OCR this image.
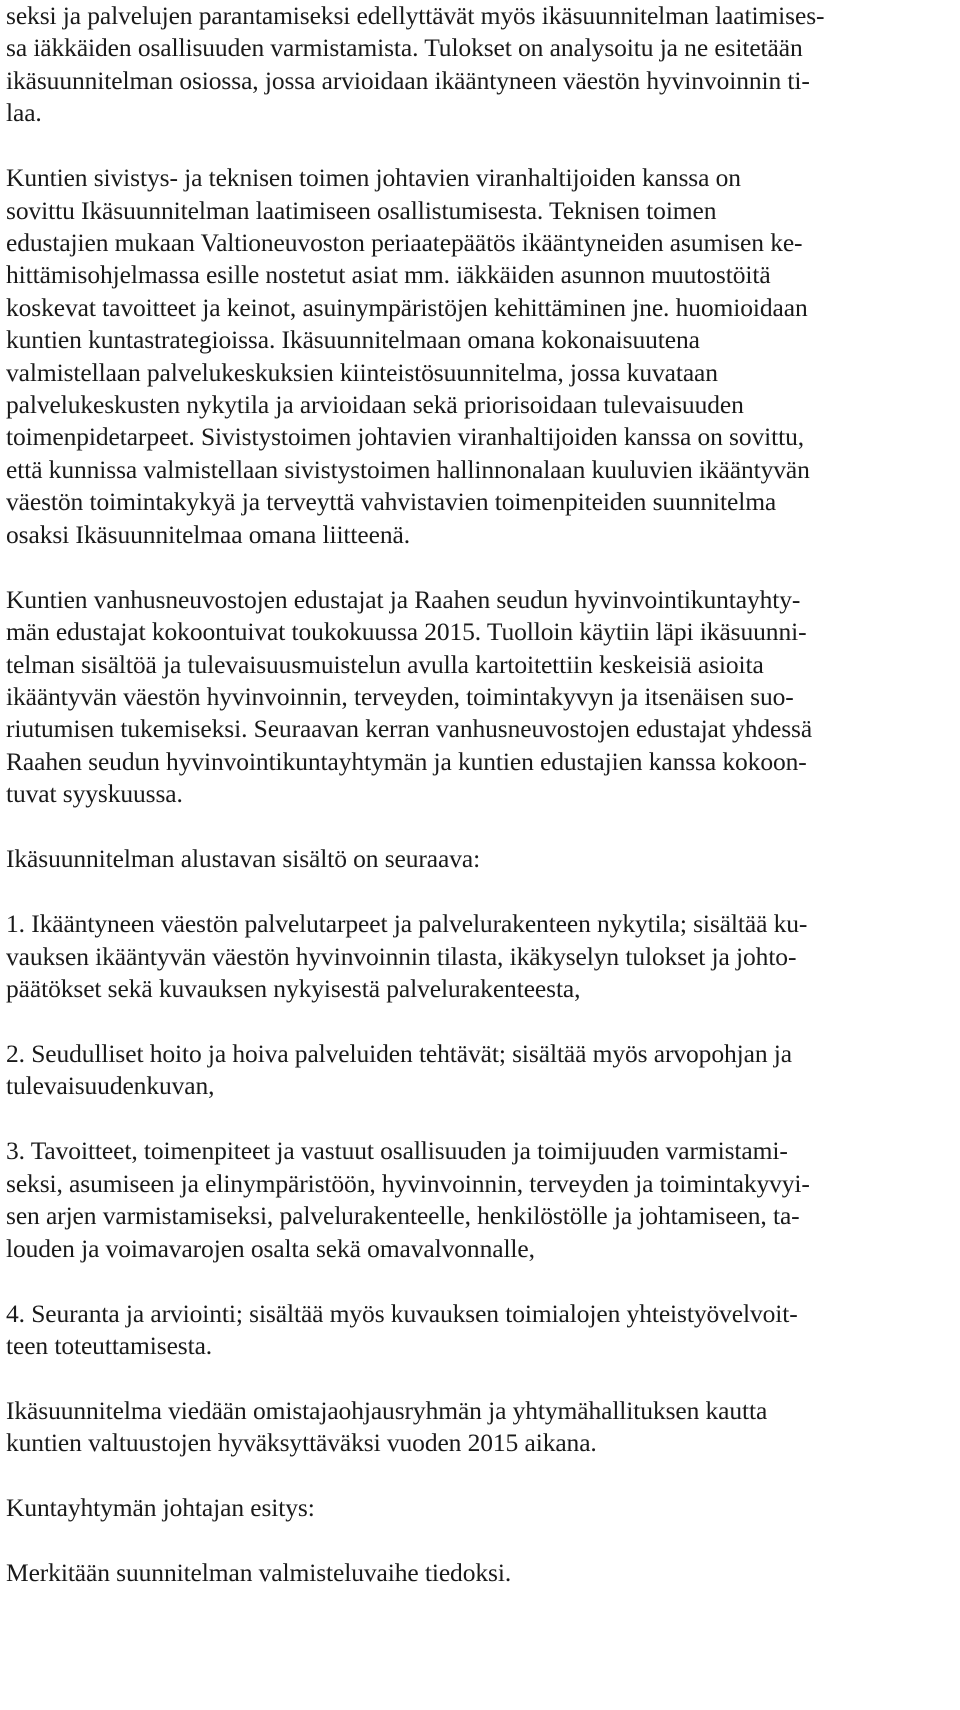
seksi ja palvelujen parantamiseksi edellyttävät myös ikäsuunnitelman laatimises-
sa iäkkäiden osallisuuden varmistamista. Tulokset on analysoitu ja ne esitetään
ikäsuunnitelman osiossa, jossa arvioidaan ikääntyneen väestön hyvinvoinnin ti-
laa.

Kuntien sivistys- ja teknisen toimen johtavien viranhaltijoiden kanssa on
sovittu Ikäsuunnitelman laatimiseen osallistumisesta. Teknisen toimen
edustajien mukaan Valtioneuvoston periaatepäätös ikääntyneiden asumisen ke-
hittämisohjelmassa esille nostetut asiat mm. iäkkäiden asunnon muutostöitä
koskevat tavoitteet ja keinot, asuinympäristöjen kehittäminen jne. huomioidaan
kuntien kuntastrategioissa. Ikäsuunnitelmaan omana kokonaisuutena
valmistellaan palvelukeskuksien kiinteistösuunnitelma, jossa kuvataan
palvelukeskusten nykytila ja arvioidaan sekä priorisoidaan tulevaisuuden
toimenpidetarpeet. Sivistystoimen johtavien viranhaltijoiden kanssa on sovittu,
että kunnissa valmistellaan sivistystoimen hallinnonalaan kuuluvien ikääntyvän
väestön toimintakykyä ja terveyttä vahvistavien toimenpiteiden suunnitelma
osaksi Ikäsuunnitelmaa omana liitteenä.

Kuntien vanhusneuvostojen edustajat ja Raahen seudun hyvinvointikuntayhty-
män edustajat kokoontuivat toukokuussa 2015. Tuolloin käytiin läpi ikäsuunni-
telman sisältöä ja tulevaisuusmuistelun avulla kartoitettiin keskeisiä asioita
ikääntyvän väestön hyvinvoinnin, terveyden, toimintakyvyn ja itsenäisen suo-
riutumisen tukemiseksi. Seuraavan kerran vanhusneuvostojen edustajat yhdessä
Raahen seudun hyvinvointikuntayhtymän ja kuntien edustajien kanssa kokoon-
tuvat syyskuussa.

Ikäsuunnitelman alustavan sisältö on seuraava:

1. Ikääntyneen väestön palvelutarpeet ja palvelurakenteen nykytila; sisältää ku-
vauksen ikääntyvän väestön hyvinvoinnin tilasta, ikäkyselyn tulokset ja johto-
päätökset sekä kuvauksen nykyisestä palvelurakenteesta,

2. Seudulliset hoito ja hoiva palveluiden tehtävät; sisältää myös arvopohjan ja
tulevaisuudenkuvan,

3. Tavoitteet, toimenpiteet ja vastuut osallisuuden ja toimijuuden varmistami-
seksi, asumiseen ja elinympäristöön, hyvinvoinnin, terveyden ja toimintakyvyi-
sen arjen varmistamiseksi, palvelurakenteelle, henkilöstölle ja johtamiseen, ta-
louden ja voimavarojen osalta sekä omavalvonnalle,

4. Seuranta ja arviointi; sisältää myös kuvauksen toimialojen yhteistyövelvoit-
teen toteuttamisesta.

Ikäsuunnitelma viedään omistajaohjausryhmän ja yhtymähallituksen kautta
kuntien valtuustojen hyväksyttäväksi vuoden 2015 aikana.

Kuntayhtymän johtajan esitys:

Merkitään suunnitelman valmisteluvaihe tiedoksi.
